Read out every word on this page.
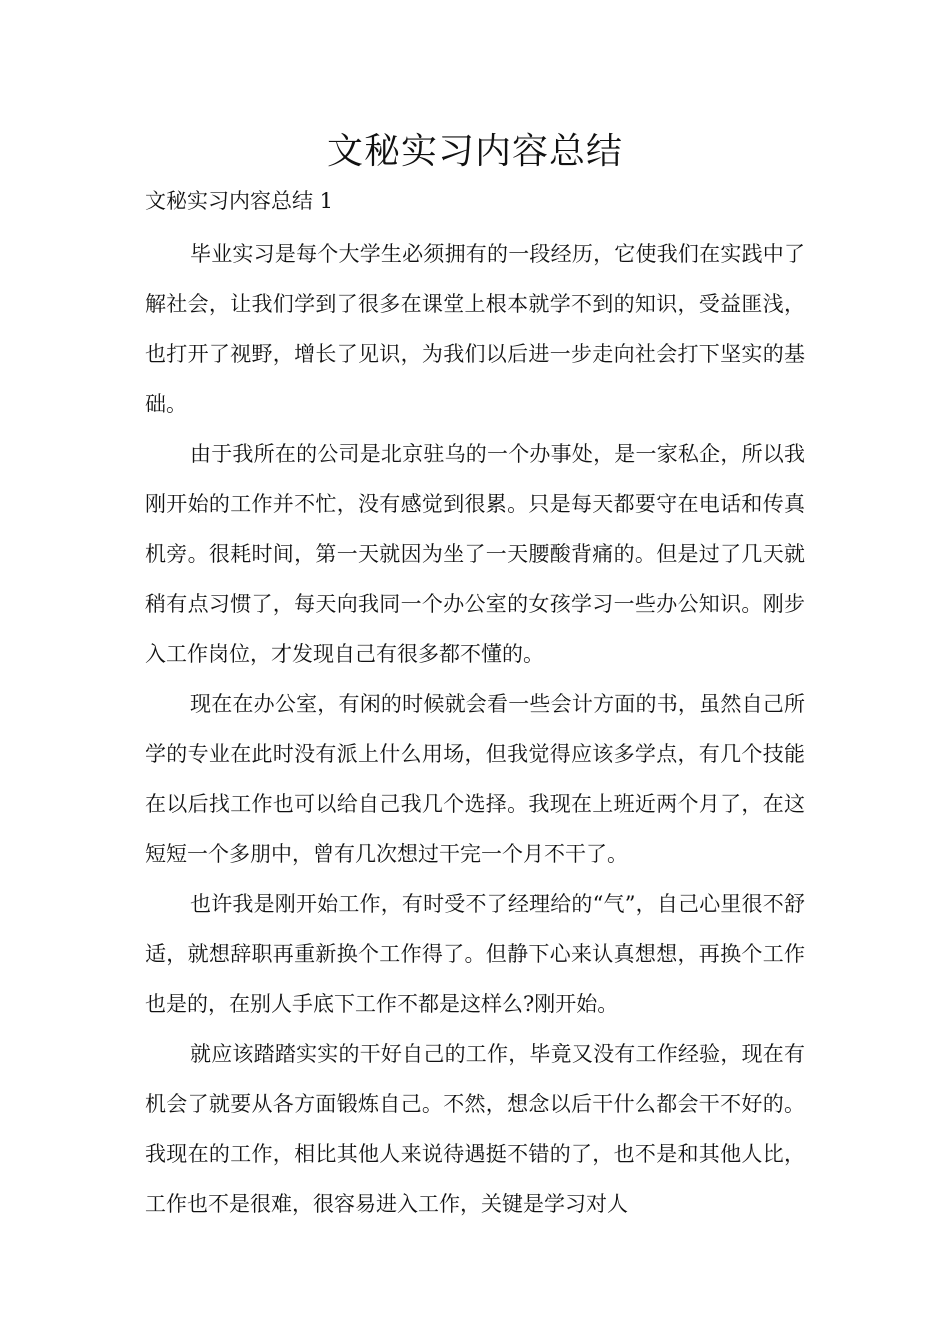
文秘实习内容总结
文秘实习内容总结 1

毕业实习是每个大学生必须拥有的一段经历，它使我们在实践中了解社会，让我们学到了很多在课堂上根本就学不到的知识，受益匪浅，也打开了视野，增长了见识，为我们以后进一步走向社会打下坚实的基础。

由于我所在的公司是北京驻乌的一个办事处，是一家私企，所以我刚开始的工作并不忙，没有感觉到很累。只是每天都要守在电话和传真机旁。很耗时间，第一天就因为坐了一天腰酸背痛的。但是过了几天就稍有点习惯了，每天向我同一个办公室的女孩学习一些办公知识。刚步入工作岗位，才发现自己有很多都不懂的。

现在在办公室，有闲的时候就会看一些会计方面的书，虽然自己所学的专业在此时没有派上什么用场，但我觉得应该多学点，有几个技能在以后找工作也可以给自己我几个选择。我现在上班近两个月了，在这短短一个多朋中，曾有几次想过干完一个月不干了。

也许我是刚开始工作，有时受不了经理给的“气”，自己心里很不舒适，就想辞职再重新换个工作得了。但静下心来认真想想，再换个工作也是的，在别人手底下工作不都是这样么?刚开始。

就应该踏踏实实的干好自己的工作，毕竟又没有工作经验，现在有机会了就要从各方面锻炼自己。不然，想念以后干什么都会干不好的。我现在的工作，相比其他人来说待遇挺不错的了，也不是和其他人比，工作也不是很难，很容易进入工作，关键是学习对人
